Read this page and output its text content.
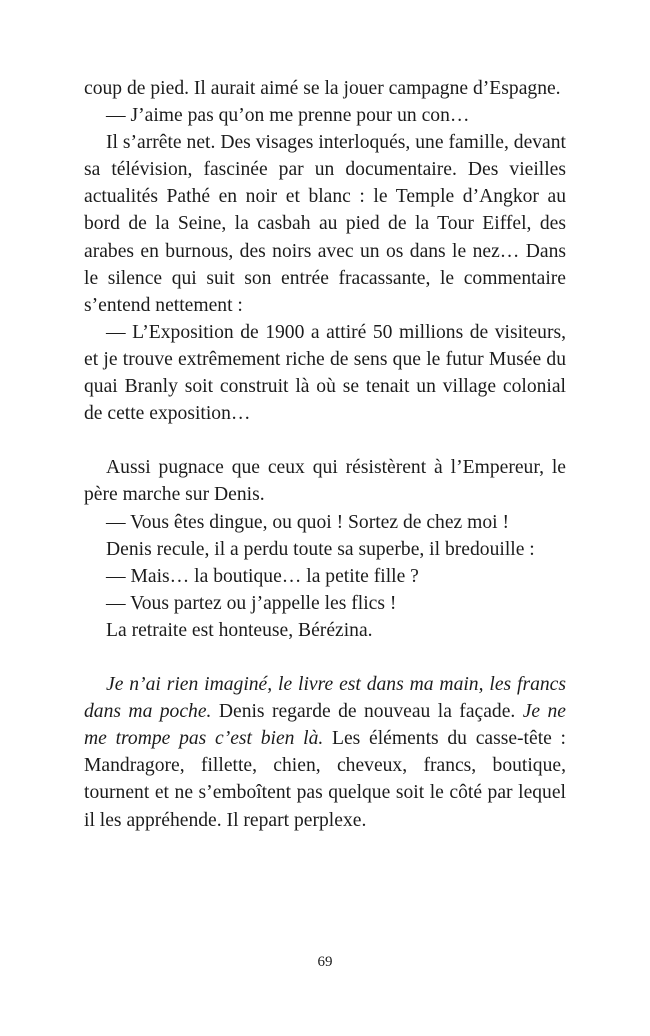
coup de pied. Il aurait aimé se la jouer campagne d’Espagne.

— J’aime pas qu’on me prenne pour un con…

Il s’arrête net. Des visages interloqués, une famille, devant sa télévision, fascinée par un documentaire. Des vieilles actualités Pathé en noir et blanc : le Temple d’Angkor au bord de la Seine, la casbah au pied de la Tour Eiffel, des arabes en burnous, des noirs avec un os dans le nez… Dans le silence qui suit son entrée fracassante, le commentaire s’entend nettement :

— L’Exposition de 1900 a attiré 50 millions de visiteurs, et je trouve extrêmement riche de sens que le futur Musée du quai Branly soit construit là où se tenait un village colonial de cette exposition…

Aussi pugnace que ceux qui résistèrent à l’Empereur, le père marche sur Denis.

— Vous êtes dingue, ou quoi ! Sortez de chez moi !

Denis recule, il a perdu toute sa superbe, il bredouille :

— Mais… la boutique… la petite fille ?

— Vous partez ou j’appelle les flics !

La retraite est honteuse, Bérézina.

Je n’ai rien imaginé, le livre est dans ma main, les francs dans ma poche. Denis regarde de nouveau la façade. Je ne me trompe pas c’est bien là. Les éléments du casse-tête : Mandragore, fillette, chien, cheveux, francs, boutique, tournent et ne s’emboîtent pas quelque soit le côté par lequel il les appréhende. Il repart perplexe.

69
